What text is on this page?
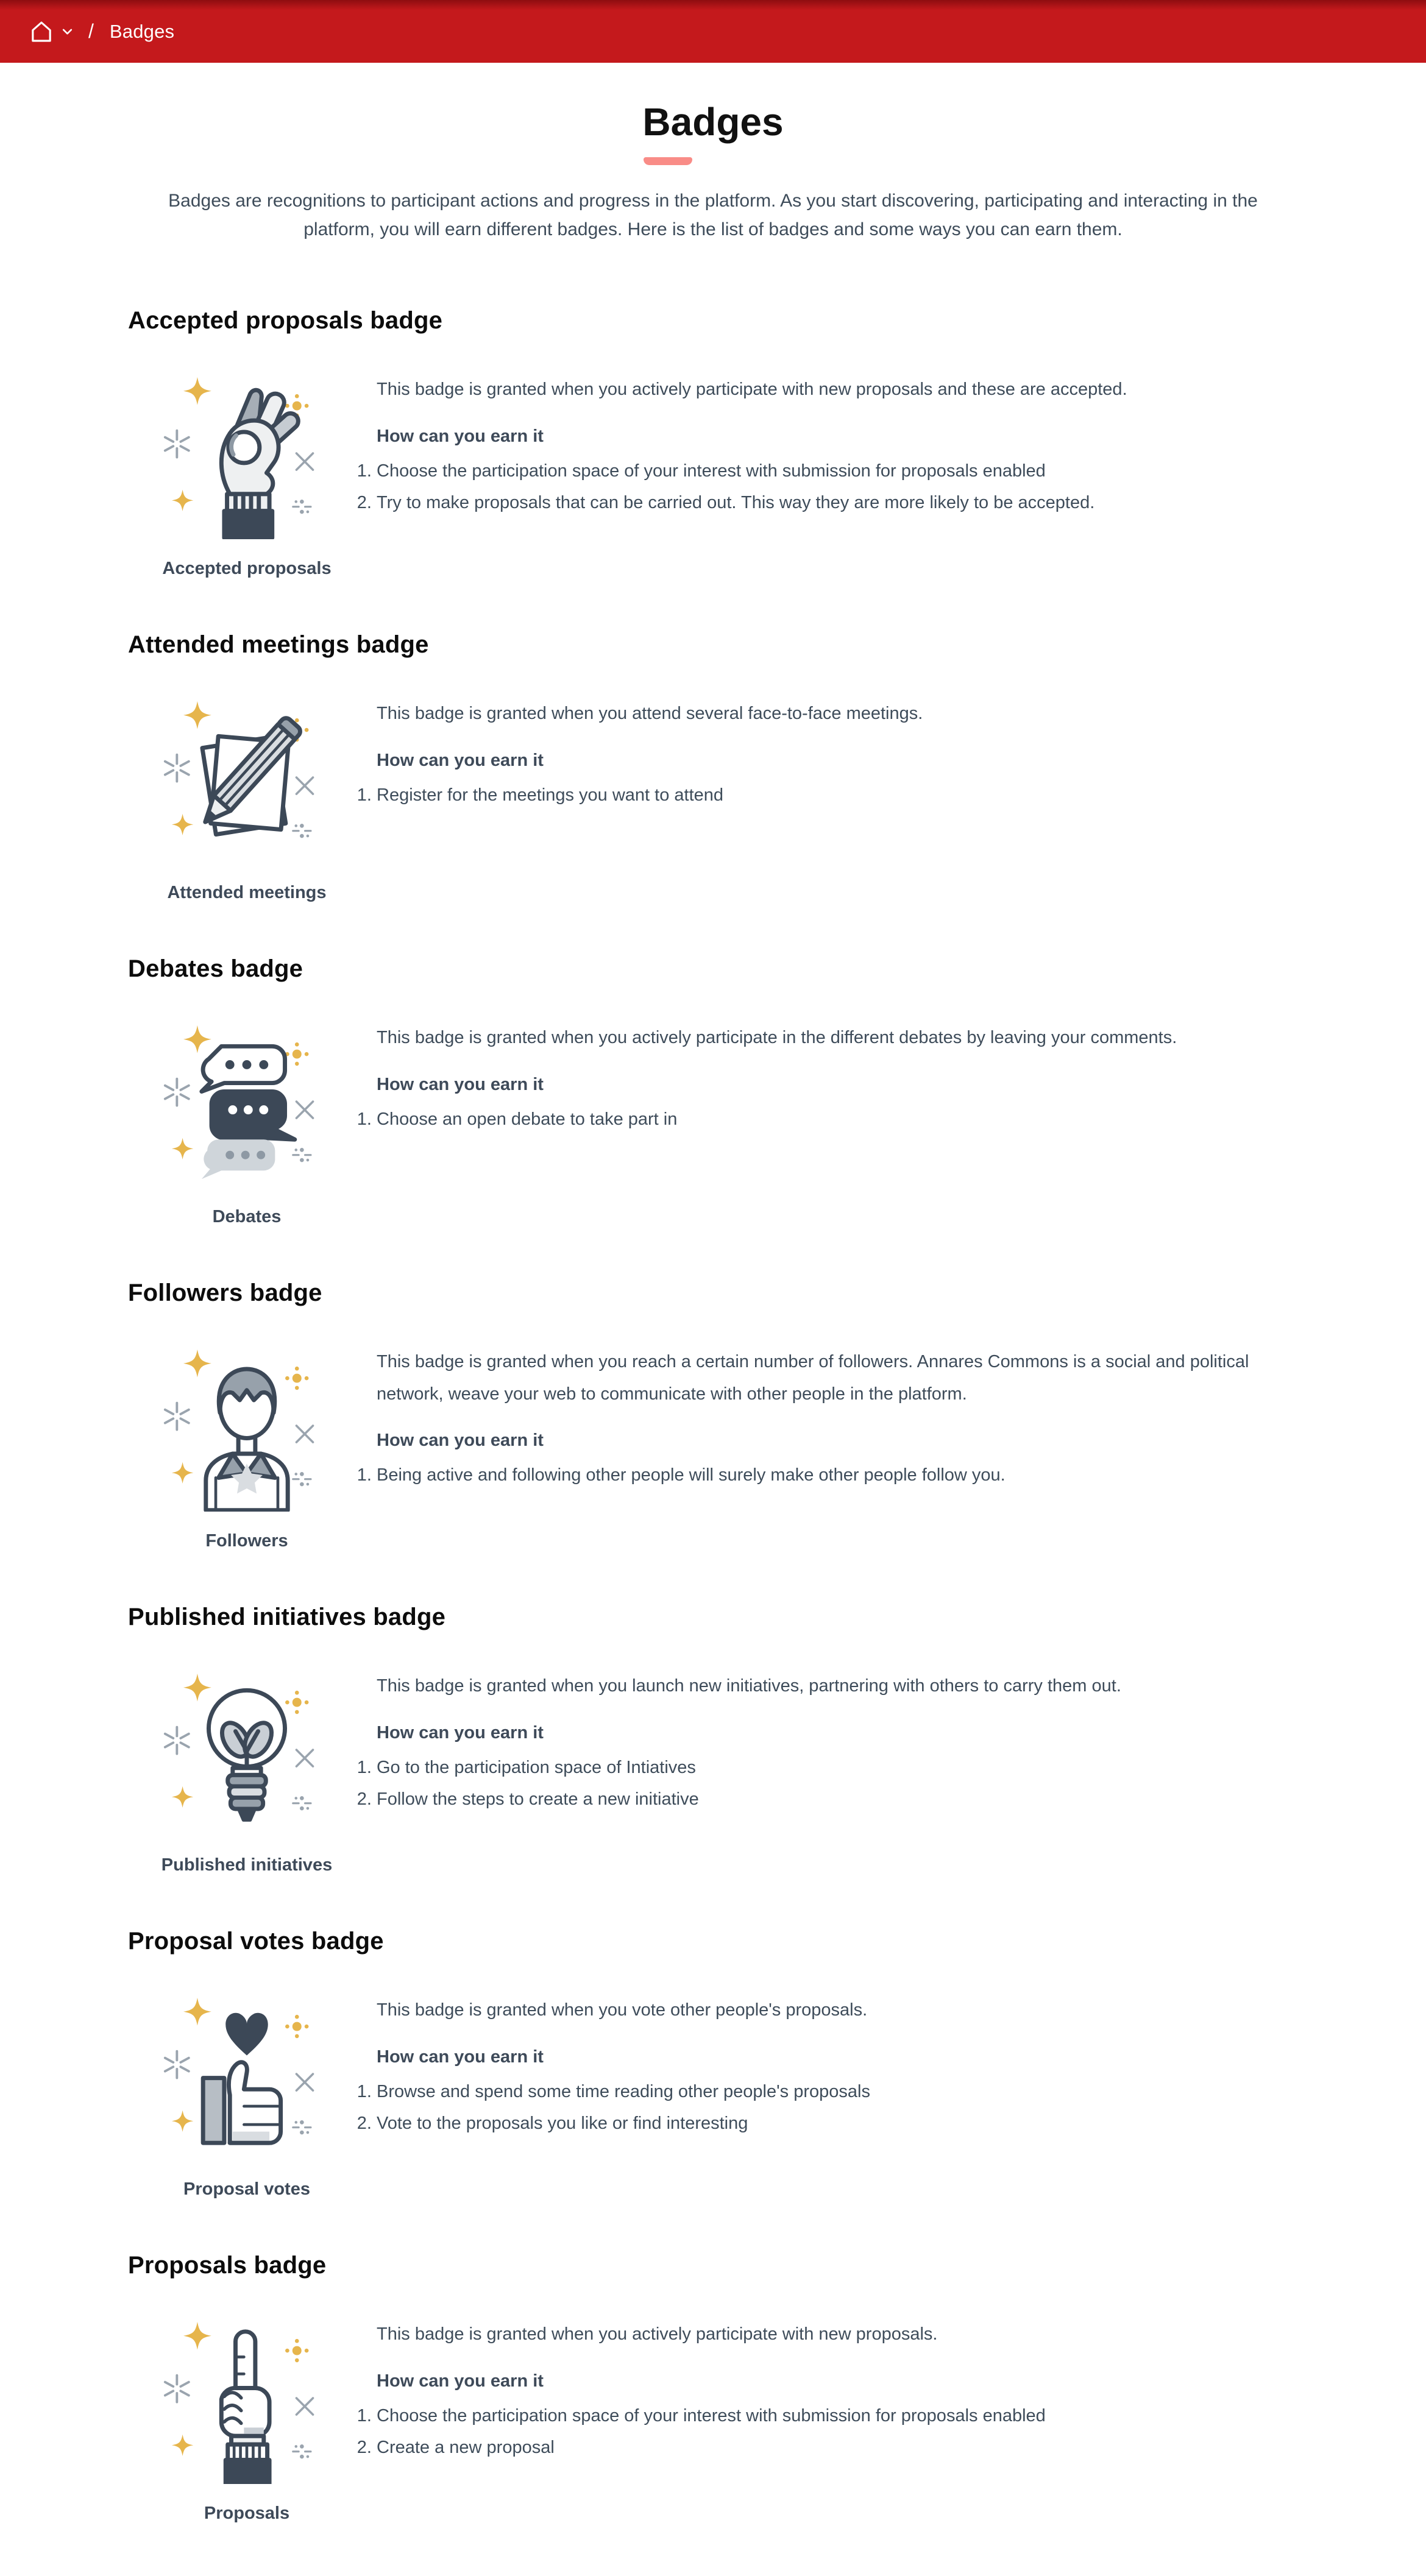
/ Badges
Badges

Badges are recognitions to participant actions and progress in the platform. As you start discovering, participating and interacting in the platform, you will earn different badges. Here is the list of badges and some ways you can earn them.

Accepted proposals badge
Accepted proposals

This badge is granted when you actively participate with new proposals and these are accepted.

How can you earn it

1. Choose the participation space of your interest with submission for proposals enabled
2. Try to make proposals that can be carried out. This way they are more likely to be accepted.
Attended meetings badge
Attended meetings

This badge is granted when you attend several face-to-face meetings.

How can you earn it

1. Register for the meetings you want to attend
Debates badge
Debates

This badge is granted when you actively participate in the different debates by leaving your comments.

How can you earn it

1. Choose an open debate to take part in
Followers badge
Followers

This badge is granted when you reach a certain number of followers. Annares Commons is a social and political network, weave your web to communicate with other people in the platform.

How can you earn it

1. Being active and following other people will surely make other people follow you.
Published initiatives badge
Published initiatives

This badge is granted when you launch new initiatives, partnering with others to carry them out.

How can you earn it

1. Go to the participation space of Intiatives
2. Follow the steps to create a new initiative
Proposal votes badge
Proposal votes

This badge is granted when you vote other people's proposals.

How can you earn it

1. Browse and spend some time reading other people's proposals
2. Vote to the proposals you like or find interesting
Proposals badge
Proposals

This badge is granted when you actively participate with new proposals.

How can you earn it

1. Choose the participation space of your interest with submission for proposals enabled
2. Create a new proposal
